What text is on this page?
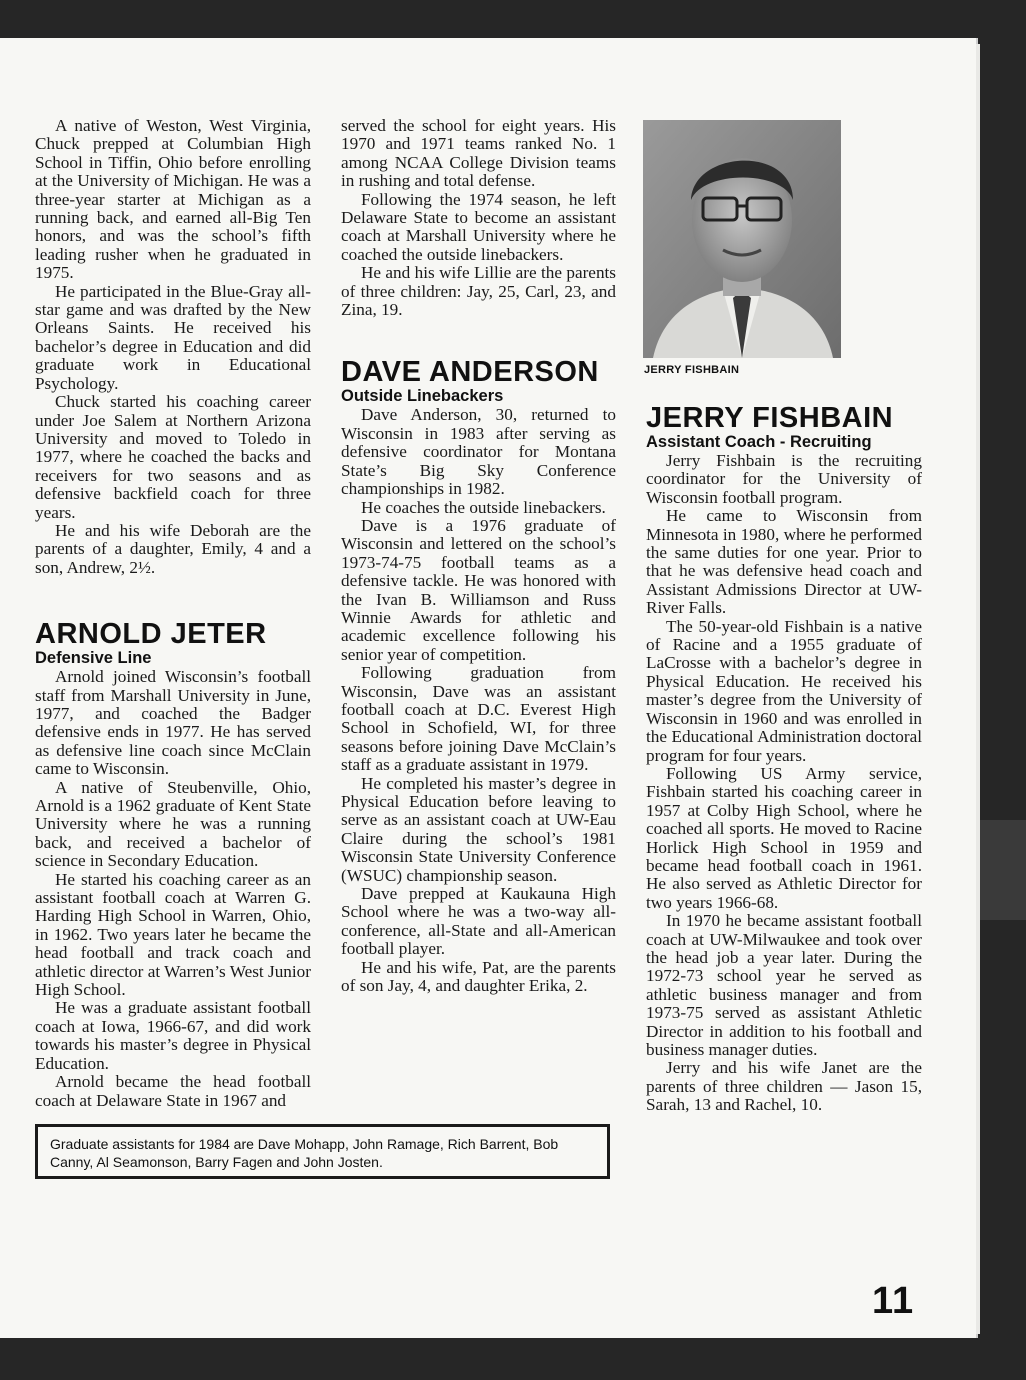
A native of Weston, West Virginia, Chuck prepped at Columbian High School in Tiffin, Ohio before enrolling at the University of Michigan. He was a three-year starter at Michigan as a running back, and earned all-Big Ten honors, and was the school’s fifth leading rusher when he graduated in 1975.

He participated in the Blue-Gray all-star game and was drafted by the New Orleans Saints. He received his bachelor’s degree in Education and did graduate work in Educational Psychology.

Chuck started his coaching career under Joe Salem at Northern Arizona University and moved to Toledo in 1977, where he coached the backs and receivers for two seasons and as defensive backfield coach for three years.

He and his wife Deborah are the parents of a daughter, Emily, 4 and a son, Andrew, 2½.

ARNOLD JETER
Defensive Line

Arnold joined Wisconsin’s football staff from Marshall University in June, 1977, and coached the Badger defensive ends in 1977. He has served as defensive line coach since McClain came to Wisconsin.

A native of Steubenville, Ohio, Arnold is a 1962 graduate of Kent State University where he was a running back, and received a bachelor of science in Secondary Education.

He started his coaching career as an assistant football coach at Warren G. Harding High School in Warren, Ohio, in 1962. Two years later he became the head football and track coach and athletic director at Warren’s West Junior High School.

He was a graduate assistant football coach at Iowa, 1966-67, and did work towards his master’s degree in Physical Education.

Arnold became the head football coach at Delaware State in 1967 and

served the school for eight years. His 1970 and 1971 teams ranked No. 1 among NCAA College Division teams in rushing and total defense.

Following the 1974 season, he left Delaware State to become an assistant coach at Marshall University where he coached the outside linebackers.

He and his wife Lillie are the parents of three children: Jay, 25, Carl, 23, and Zina, 19.

DAVE ANDERSON
Outside Linebackers

Dave Anderson, 30, returned to Wisconsin in 1983 after serving as defensive coordinator for Montana State’s Big Sky Conference championships in 1982.

He coaches the outside linebackers.

Dave is a 1976 graduate of Wisconsin and lettered on the school’s 1973-74-75 football teams as a defensive tackle. He was honored with the Ivan B. Williamson and Russ Winnie Awards for athletic and academic excellence following his senior year of competition.

Following graduation from Wisconsin, Dave was an assistant football coach at D.C. Everest High School in Schofield, WI, for three seasons before joining Dave McClain’s staff as a graduate assistant in 1979.

He completed his master’s degree in Physical Education before leaving to serve as an assistant coach at UW-Eau Claire during the school’s 1981 Wisconsin State University Conference (WSUC) championship season.

Dave prepped at Kaukauna High School where he was a two-way all-conference, all-State and all-American football player.

He and his wife, Pat, are the parents of son Jay, 4, and daughter Erika, 2.

JERRY FISHBAIN
JERRY FISHBAIN
Assistant Coach - Recruiting

Jerry Fishbain is the recruiting coordinator for the University of Wisconsin football program.

He came to Wisconsin from Minnesota in 1980, where he performed the same duties for one year. Prior to that he was defensive head coach and Assistant Admissions Director at UW-River Falls.

The 50-year-old Fishbain is a native of Racine and a 1955 graduate of LaCrosse with a bachelor’s degree in Physical Education. He received his master’s degree from the University of Wisconsin in 1960 and was enrolled in the Educational Administration doctoral program for four years.

Following US Army service, Fishbain started his coaching career in 1957 at Colby High School, where he coached all sports. He moved to Racine Horlick High School in 1959 and became head football coach in 1961. He also served as Athletic Director for two years 1966-68.

In 1970 he became assistant football coach at UW-Milwaukee and took over the head job a year later. During the 1972-73 school year he served as athletic business manager and from 1973-75 served as assistant Athletic Director in addition to his football and business manager duties.

Jerry and his wife Janet are the parents of three children — Jason 15, Sarah, 13 and Rachel, 10.

Graduate assistants for 1984 are Dave Mohapp, John Ramage, Rich Barrent, Bob Canny, Al Seamonson, Barry Fagen and John Josten.
11
